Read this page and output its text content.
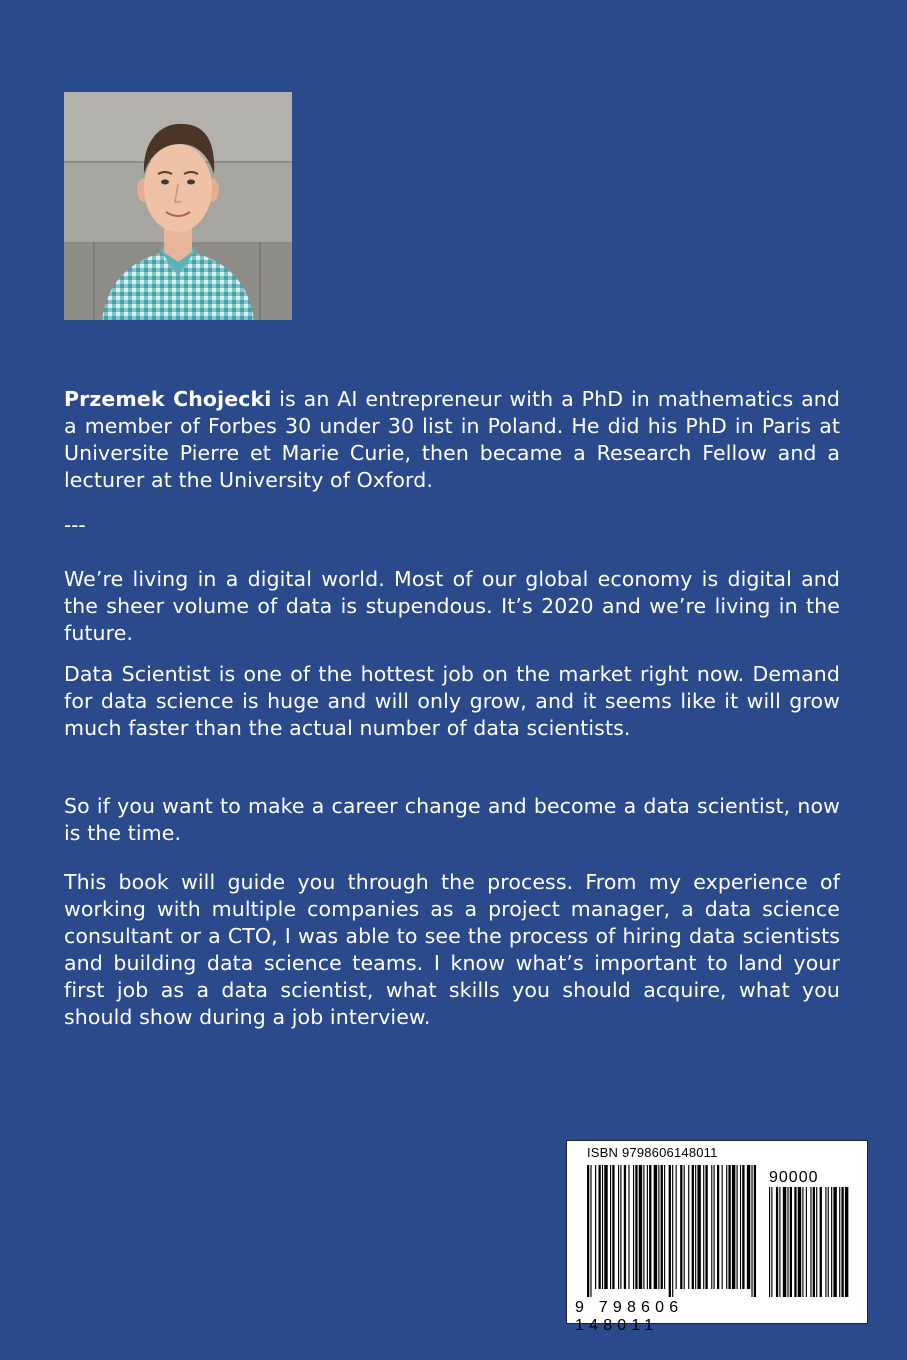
Przemek Chojecki is an AI entrepreneur with a PhD in mathematics and a member of Forbes 30 under 30 list in Poland. He did his PhD in Paris at Universite Pierre et Marie Curie, then became a Research Fellow and a lecturer at the University of Oxford.

---

We’re living in a digital world. Most of our global economy is digital and the sheer volume of data is stupendous. It’s 2020 and we’re living in the future.

Data Scientist is one of the hottest job on the market right now. Demand for data science is huge and will only grow, and it seems like it will grow much faster than the actual number of data scientists.

So if you want to make a career change and become a data scientist, now is the time.

This book will guide you through the process. From my experience of working with multiple companies as a project manager, a data science consultant or a CTO, I was able to see the process of hiring data scientists and building data science teams. I know what’s important to land your first job as a data scientist, what skills you should acquire, what you should show during a job interview.

ISBN 9798606148011
90000
9 798606 148011
